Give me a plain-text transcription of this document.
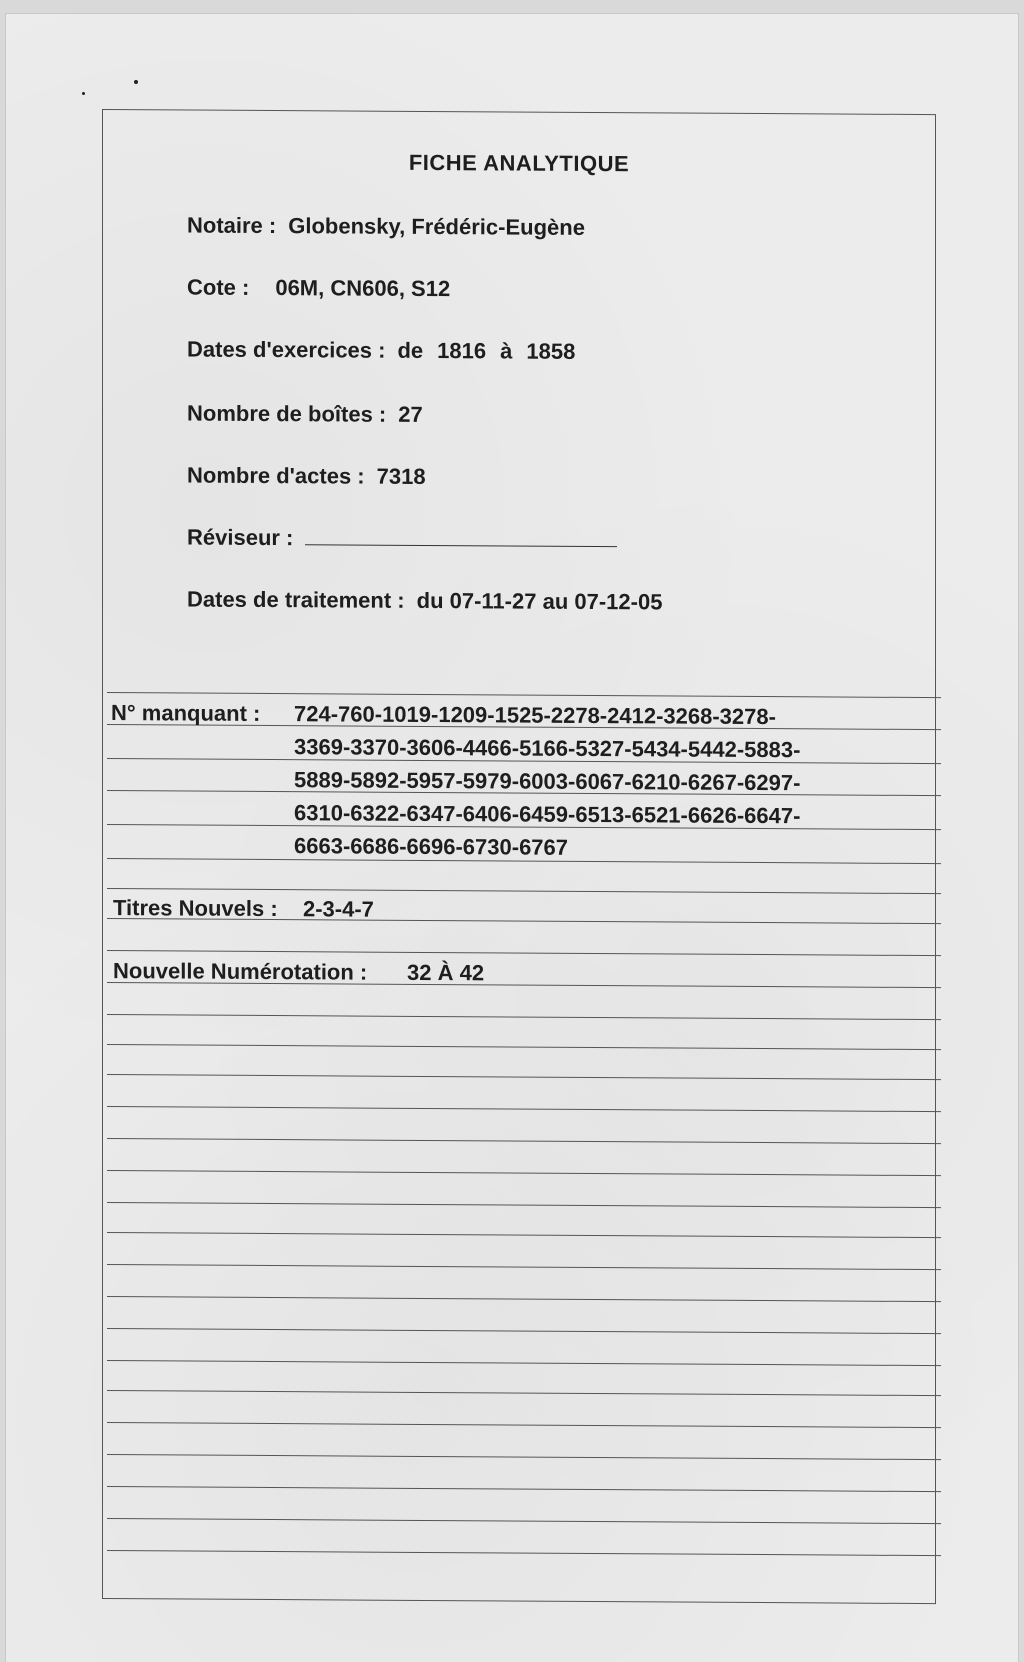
FICHE ANALYTIQUE
Notaire : Globensky, Frédéric-Eugène
Cote : 06M, CN606, S12
Dates d'exercices : de 1816 à 1858
Nombre de boîtes : 27
Nombre d'actes : 7318
Réviseur :
Dates de traitement : du 07-11-27 au 07-12-05
N° manquant : 724-760-1019-1209-1525-2278-2412-3268-3278-
3369-3370-3606-4466-5166-5327-5434-5442-5883-
5889-5892-5957-5979-6003-6067-6210-6267-6297-
6310-6322-6347-6406-6459-6513-6521-6626-6647-
6663-6686-6696-6730-6767
Titres Nouvels : 2-3-4-7
Nouvelle Numérotation : 32 À 42
